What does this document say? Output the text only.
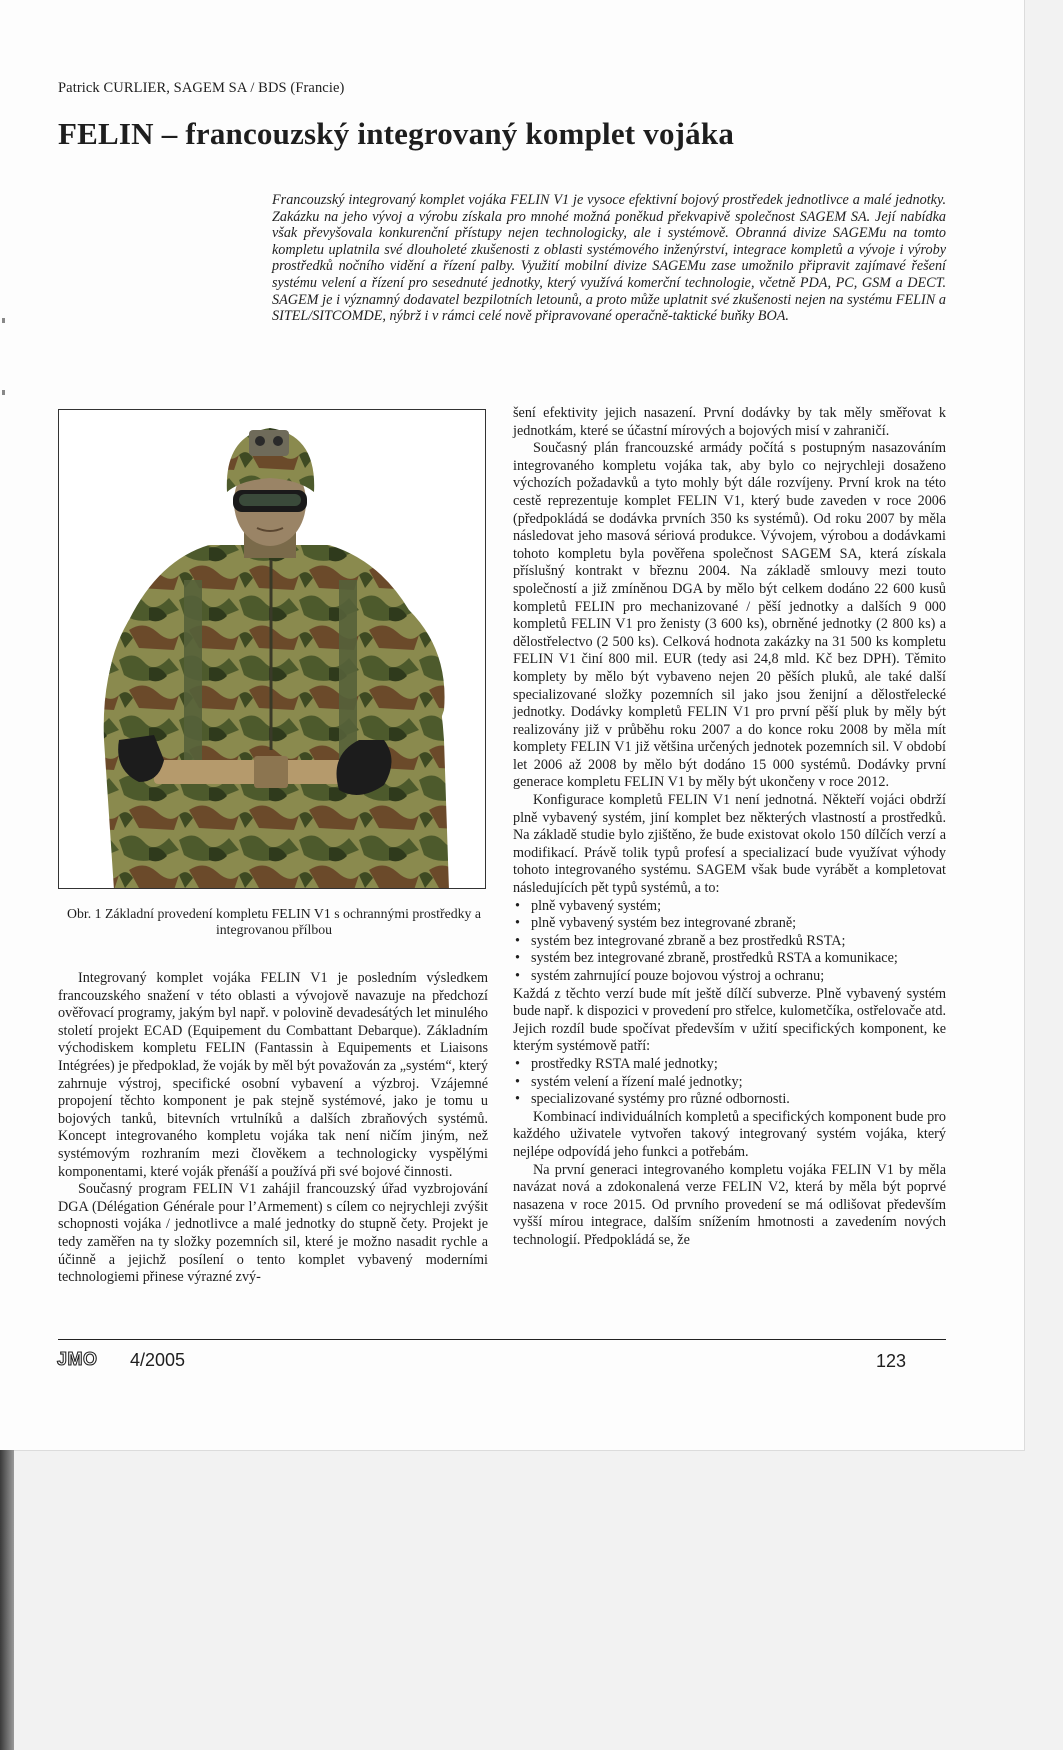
Patrick CURLIER, SAGEM SA / BDS (Francie)
FELIN – francouzský integrovaný komplet vojáka

Francouzský integrovaný komplet vojáka FELIN V1 je vysoce efektivní bojový prostředek jednotlivce a malé jednotky. Zakázku na jeho vývoj a výrobu získala pro mnohé možná poněkud překvapivě společnost SAGEM SA. Její nabídka však převyšovala konkurenční přístupy nejen technologicky, ale i systémově. Obranná divize SAGEMu na tomto kompletu uplatnila své dlouholeté zkušenosti z oblasti systémového inženýrství, integrace kompletů a vývoje i výroby prostředků nočního vidění a řízení palby. Využití mobilní divize SAGEMu zase umožnilo připravit zajímavé řešení systému velení a řízení pro sesednuté jednotky, který využívá komerční technologie, včetně PDA, PC, GSM a DECT. SAGEM je i významný dodavatel bezpilotních letounů, a proto může uplatnit své zkušenosti nejen na systému FELIN a SITEL/SITCOMDE, nýbrž i v rámci celé nově připravované operačně-taktické buňky BOA.

Obr. 1 Základní provedení kompletu FELIN V1 s ochrannými prostředky a integrovanou přílbou

Integrovaný komplet vojáka FELIN V1 je posledním výsledkem francouzského snažení v této oblasti a vývojově navazuje na předchozí ověřovací programy, jakým byl např. v polovině devadesátých let minulého století projekt ECAD (Equipement du Combattant Debarque). Základním východiskem kompletu FELIN (Fantassin à Equipements et Liaisons Intégrées) je předpoklad, že voják by měl být považován za „systém“, který zahrnuje výstroj, specifické osobní vybavení a výzbroj. Vzájemné propojení těchto komponent je pak stejně systémové, jako je tomu u bojových tanků, bitevních vrtulníků a dalších zbraňových systémů. Koncept integrovaného kompletu vojáka tak není ničím jiným, než systémovým rozhraním mezi člověkem a technologicky vyspělými komponentami, které voják přenáší a používá při své bojové činnosti.

Současný program FELIN V1 zahájil francouzský úřad vyzbrojování DGA (Délégation Générale pour l’Armement) s cílem co nejrychleji zvýšit schopnosti vojáka / jednotlivce a malé jednotky do stupně čety. Projekt je tedy zaměřen na ty složky pozemních sil, které je možno nasadit rychle a účinně a jejichž posílení o tento komplet vybavený moderními technologiemi přinese výrazné zvý-

šení efektivity jejich nasazení. První dodávky by tak měly směřovat k jednotkám, které se účastní mírových a bojových misí v zahraničí.

Současný plán francouzské armády počítá s postupným nasazováním integrovaného kompletu vojáka tak, aby bylo co nejrychleji dosaženo výchozích požadavků a tyto mohly být dále rozvíjeny. První krok na této cestě reprezentuje komplet FELIN V1, který bude zaveden v roce 2006 (předpokládá se dodávka prvních 350 ks systémů). Od roku 2007 by měla následovat jeho masová sériová produkce. Vývojem, výrobou a dodávkami tohoto kompletu byla pověřena společnost SAGEM SA, která získala příslušný kontrakt v březnu 2004. Na základě smlouvy mezi touto společností a již zmíněnou DGA by mělo být celkem dodáno 22 600 kusů kompletů FELIN pro mechanizované / pěší jednotky a dalších 9 000 kompletů FELIN V1 pro ženisty (3 600 ks), obrněné jednotky (2 800 ks) a dělostřelectvo (2 500 ks). Celková hodnota zakázky na 31 500 ks kompletu FELIN V1 činí 800 mil. EUR (tedy asi 24,8 mld. Kč bez DPH). Těmito komplety by mělo být vybaveno nejen 20 pěších pluků, ale také další specializované složky pozemních sil jako jsou ženijní a dělostřelecké jednotky. Dodávky kompletů FELIN V1 pro první pěší pluk by měly být realizovány již v průběhu roku 2007 a do konce roku 2008 by měla mít komplety FELIN V1 již většina určených jednotek pozemních sil. V období let 2006 až 2008 by mělo být dodáno 15 000 systémů. Dodávky první generace kompletu FELIN V1 by měly být ukončeny v roce 2012.

Konfigurace kompletů FELIN V1 není jednotná. Někteří vojáci obdrží plně vybavený systém, jiní komplet bez některých vlastností a prostředků. Na základě studie bylo zjištěno, že bude existovat okolo 150 dílčích verzí a modifikací. Právě tolik typů profesí a specializací bude využívat výhody tohoto integrovaného systému. SAGEM však bude vyrábět a kompletovat následujících pět typů systémů, a to:

• plně vybavený systém;
• plně vybavený systém bez integrované zbraně;
• systém bez integrované zbraně a bez prostředků RSTA;
• systém bez integrované zbraně, prostředků RSTA a komunikace;
• systém zahrnující pouze bojovou výstroj a ochranu;

Každá z těchto verzí bude mít ještě dílčí subverze. Plně vybavený systém bude např. k dispozici v provedení pro střelce, kulometčíka, ostřelovače atd. Jejich rozdíl bude spočívat především v užití specifických komponent, ke kterým systémově patří:

• prostředky RSTA malé jednotky;
• systém velení a řízení malé jednotky;
• specializované systémy pro různé odbornosti.

Kombinací individuálních kompletů a specifických komponent bude pro každého uživatele vytvořen takový integrovaný systém vojáka, který nejlépe odpovídá jeho funkci a potřebám.

Na první generaci integrovaného kompletu vojáka FELIN V1 by měla navázat nová a zdokonalená verze FELIN V2, která by měla být poprvé nasazena v roce 2015. Od prvního provedení se má odlišovat především vyšší mírou integrace, dalším snížením hmotnosti a zavedením nových technologií. Předpokládá se, že

JMO 4/2005	123
